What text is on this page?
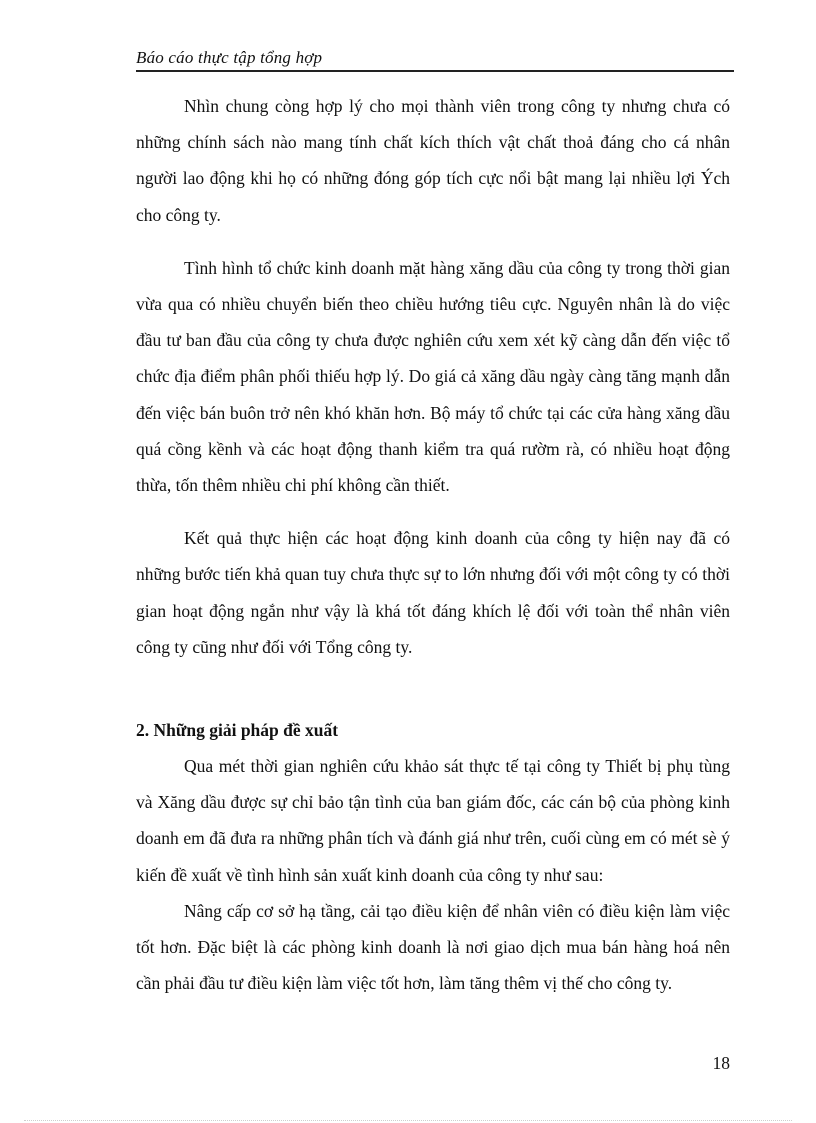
Báo cáo thực tập tổng hợp

Nhìn chung còng hợp lý cho mọi thành viên trong công ty nhưng chưa có những chính sách nào mang tính chất kích thích vật chất thoả đáng cho cá nhân người lao động khi họ có những đóng góp tích cực nổi bật mang lại nhiều lợi Ých cho công ty.

Tình hình tổ chức kinh doanh mặt hàng xăng dầu của công ty trong thời gian vừa qua có nhiều chuyển biến theo chiều hướng tiêu cực. Nguyên nhân là do việc đầu tư ban đầu của công ty chưa được nghiên cứu xem xét kỹ càng dẫn đến việc tổ chức địa điểm phân phối thiếu hợp lý. Do giá cả xăng dầu ngày càng tăng mạnh dẫn đến việc bán buôn trở nên khó khăn hơn. Bộ máy tổ chức tại các cửa hàng xăng dầu quá cồng kềnh và các hoạt động thanh kiểm tra quá rườm rà, có nhiều hoạt động thừa, tốn thêm nhiều chi phí không cần thiết.

Kết quả thực hiện các hoạt động kinh doanh của công ty hiện nay đã có những bước tiến khả quan tuy chưa thực sự to lớn nhưng đối với một công ty có thời gian hoạt động ngắn như vậy là khá tốt đáng khích lệ đối với toàn thể nhân viên công ty cũng như đối với Tổng công ty.

2. Những giải pháp đề xuất

Qua mét thời gian nghiên cứu khảo sát thực tế tại công ty Thiết bị phụ tùng và Xăng dầu được sự chỉ bảo tận tình của ban giám đốc, các cán bộ của phòng kinh doanh em đã đưa ra những phân tích và đánh giá như trên, cuối cùng em có mét sè ý kiến đề xuất về tình hình sản xuất kinh doanh của công ty như sau:

Nâng cấp cơ sở hạ tầng, cải tạo điều kiện để nhân viên có điều kiện làm việc tốt hơn. Đặc biệt là các phòng kinh doanh là nơi giao dịch mua bán hàng hoá nên cần phải đầu tư điều kiện làm việc tốt hơn, làm tăng thêm vị thế cho công ty.

18
